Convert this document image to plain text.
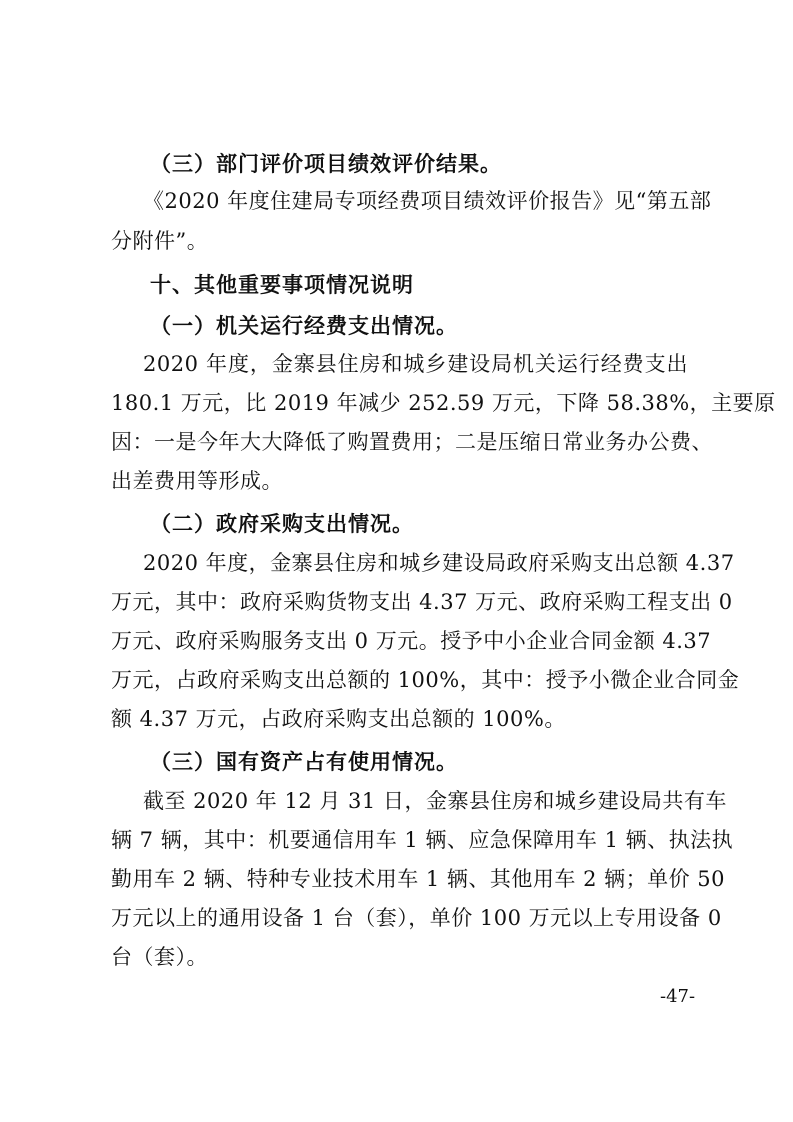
（三）部门评价项目绩效评价结果。
《2020 年度住建局专项经费项目绩效评价报告》见“第五部
分附件”。
十、其他重要事项情况说明
（一）机关运行经费支出情况。
2020 年度，金寨县住房和城乡建设局机关运行经费支出
180.1 万元，比 2019 年减少 252.59 万元，下降 58.38%，主要原
因：一是今年大大降低了购置费用；二是压缩日常业务办公费、
出差费用等形成。
（二）政府采购支出情况。
2020 年度，金寨县住房和城乡建设局政府采购支出总额 4.37
万元，其中：政府采购货物支出 4.37 万元、政府采购工程支出 0
万元、政府采购服务支出 0 万元。授予中小企业合同金额 4.37
万元，占政府采购支出总额的 100%，其中：授予小微企业合同金
额 4.37 万元，占政府采购支出总额的 100%。
（三）国有资产占有使用情况。
截至 2020 年 12 月 31 日，金寨县住房和城乡建设局共有车
辆 7 辆，其中：机要通信用车 1 辆、应急保障用车 1 辆、执法执
勤用车 2 辆、特种专业技术用车 1 辆、其他用车 2 辆；单价 50
万元以上的通用设备 1 台（套），单价 100 万元以上专用设备 0
台（套）。
-47-
